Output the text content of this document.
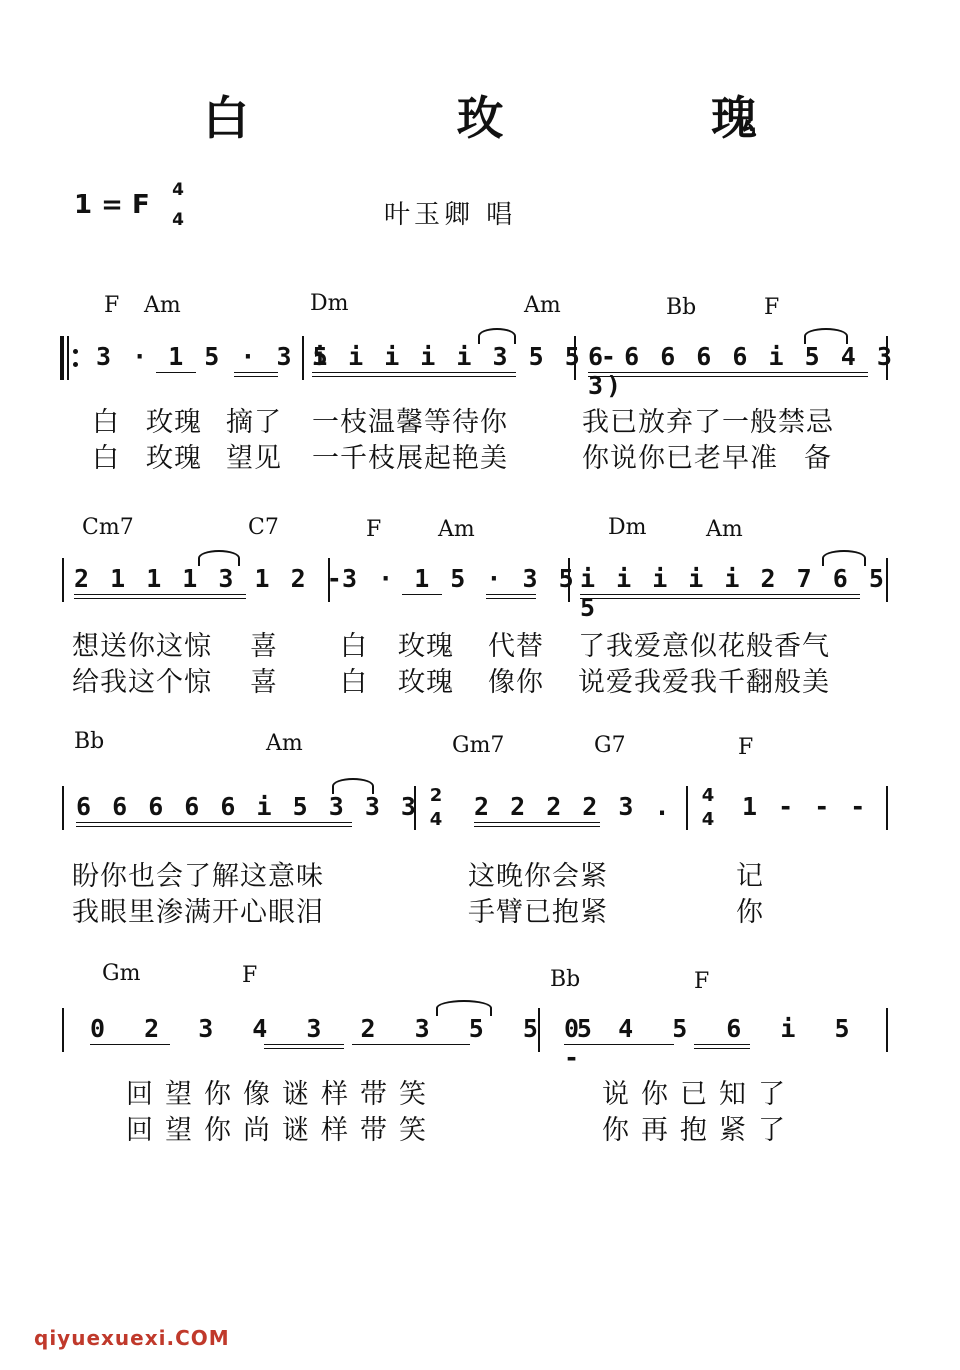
白 玫 瑰
1 = F 4
4	叶玉卿 唱
F Am	Dm	Am	Bb	F
3 · 1 5 · 3 5
i i i i i 3 5 5 -
6 6 6 6 6 i 5 4 3 3)
白 玫瑰 摘了 一枝温馨等待你	我已放弃了一般禁忌
白 玫瑰 望见 一千枝展起艳美	你说你已老早准 备
Cm7	C7	F	Am	Dm	Am
2 1 1 1 3 1 2 -
3 · 1 5 · 3 5 i i i i i 2 7 6 5 5
想送你这惊 喜 白 玫瑰 代替 了我爱意似花般香气
给我这个惊 喜 白 玫瑰 像你 说爱我爱我千翻般美
Bb	Am	Gm7	G7	F
6 6 6 6 6 i 5 3 3 3 2
4 2 2 2 2 3 . 4
4 1 - - -
盼你也会了解这意味	这晚你会紧	记
我眼里渗满开心眼泪	手臂已抱紧	你
Gm	F	Bb	F
0 2 3 4 3 2 3 5 5 5
0 4 5 6 i 5 -
回望你像谜样带笑	说你已知了
回望你尚谜样带笑	你再抱紧了
qiyuexuexi.COM
